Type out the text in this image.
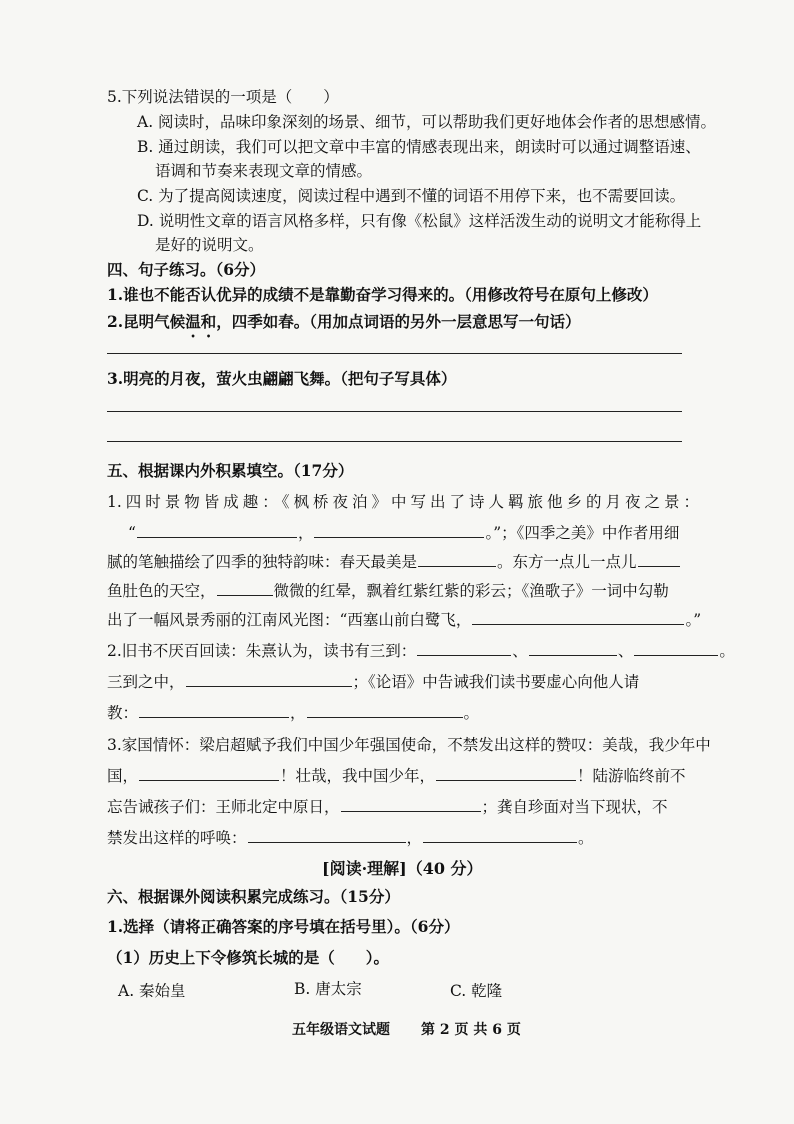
5.下列说法错误的一项是（　　）
A. 阅读时，品味印象深刻的场景、细节，可以帮助我们更好地体会作者的思想感情。
B. 通过朗读，我们可以把文章中丰富的情感表现出来，朗读时可以通过调整语速、
语调和节奏来表现文章的情感。
C. 为了提高阅读速度，阅读过程中遇到不懂的词语不用停下来，也不需要回读。
D. 说明性文章的语言风格多样，只有像《松鼠》这样活泼生动的说明文才能称得上
是好的说明文。
四、句子练习。（6分）
1.谁也不能否认优异的成绩不是靠勤奋学习得来的。（用修改符号在原句上修改）
2.昆明气候温和，四季如春。（用加点词语的另外一层意思写一句话）
3.明亮的月夜，萤火虫翩翩飞舞。（把句子写具体）
五、根据课内外积累填空。（17分）
1.四时景物皆成趣：《枫桥夜泊》中写出了诗人羁旅他乡的月夜之景：
“	，	。”；《四季之美》中作者用细
腻的笔触描绘了四季的独特韵味：春天最美是	。东方一点儿一点儿
鱼肚色的天空，	微微的红晕，飘着红紫红紫的彩云；《渔歌子》一词中勾勒
出了一幅风景秀丽的江南风光图：“西塞山前白鹭飞，	。”
2.旧书不厌百回读：朱熹认为，读书有三到：	、	、	。
三到之中，	；《论语》中告诫我们读书要虚心向他人请
教：	，	。
3.家国情怀：梁启超赋予我们中国少年强国使命，不禁发出这样的赞叹：美哉，我少年中
国，	！壮哉，我中国少年，	！陆游临终前不
忘告诫孩子们：王师北定中原日，	；龚自珍面对当下现状，不
禁发出这样的呼唤：	，	。
[阅读·理解]（40 分）
六、根据课外阅读积累完成练习。（15分）
1.选择（请将正确答案的序号填在括号里）。（6分）
（1）历史上下令修筑长城的是（　　）。
A. 秦始皇	B. 唐太宗	C. 乾隆
五年级语文试题 第 2 页 共 6 页
